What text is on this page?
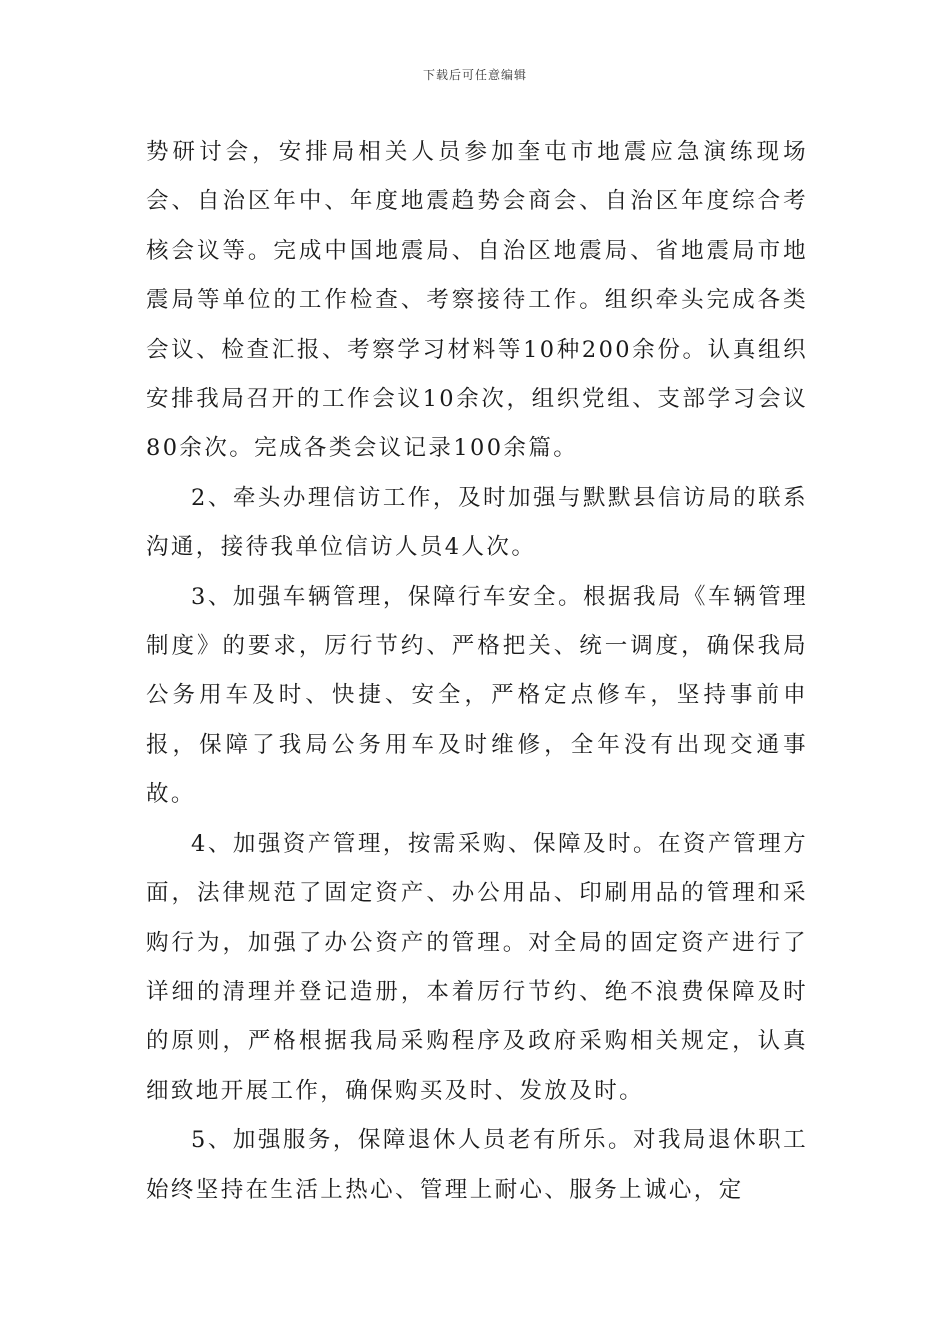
下载后可任意编辑

势研讨会，安排局相关人员参加奎屯市地震应急演练现场会、自治区年中、年度地震趋势会商会、自治区年度综合考核会议等。完成中国地震局、自治区地震局、省地震局市地震局等单位的工作检查、考察接待工作。组织牵头完成各类会议、检查汇报、考察学习材料等10种200余份。认真组织安排我局召开的工作会议10余次，组织党组、支部学习会议80余次。完成各类会议记录100余篇。

2、牵头办理信访工作，及时加强与默默县信访局的联系沟通，接待我单位信访人员4人次。

3、加强车辆管理，保障行车安全。根据我局《车辆管理制度》的要求，厉行节约、严格把关、统一调度，确保我局公务用车及时、快捷、安全，严格定点修车，坚持事前申报，保障了我局公务用车及时维修，全年没有出现交通事故。

4、加强资产管理，按需采购、保障及时。在资产管理方面，法律规范了固定资产、办公用品、印刷用品的管理和采购行为，加强了办公资产的管理。对全局的固定资产进行了详细的清理并登记造册，本着厉行节约、绝不浪费保障及时的原则，严格根据我局采购程序及政府采购相关规定，认真细致地开展工作，确保购买及时、发放及时。

5、加强服务，保障退休人员老有所乐。对我局退休职工始终坚持在生活上热心、管理上耐心、服务上诚心，定
